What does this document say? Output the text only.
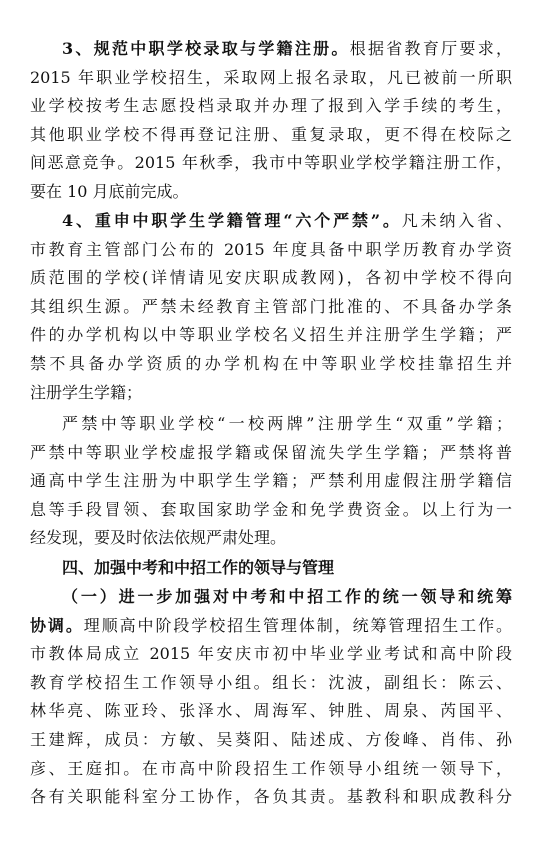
3、规范中职学校录取与学籍注册。根据省教育厅要求，
2015 年职业学校招生，采取网上报名录取，凡已被前一所职
业学校按考生志愿投档录取并办理了报到入学手续的考生，
其他职业学校不得再登记注册、重复录取，更不得在校际之
间恶意竞争。2015 年秋季，我市中等职业学校学籍注册工作，
要在 10 月底前完成。
4、重申中职学生学籍管理“六个严禁”。凡未纳入省、
市教育主管部门公布的 2015 年度具备中职学历教育办学资
质范围的学校(详情请见安庆职成教网)，各初中学校不得向
其组织生源。严禁未经教育主管部门批准的、不具备办学条
件的办学机构以中等职业学校名义招生并注册学生学籍；严
禁不具备办学资质的办学机构在中等职业学校挂靠招生并
注册学生学籍；
严禁中等职业学校“一校两牌”注册学生“双重”学籍；
严禁中等职业学校虚报学籍或保留流失学生学籍；严禁将普
通高中学生注册为中职学生学籍；严禁利用虚假注册学籍信
息等手段冒领、套取国家助学金和免学费资金。以上行为一
经发现，要及时依法依规严肃处理。
四、加强中考和中招工作的领导与管理
（一）进一步加强对中考和中招工作的统一领导和统筹
协调。理顺高中阶段学校招生管理体制，统筹管理招生工作。
市教体局成立 2015 年安庆市初中毕业学业考试和高中阶段
教育学校招生工作领导小组。组长：沈波，副组长：陈云、
林华亮、陈亚玲、张泽水、周海军、钟胜、周泉、芮国平、
王建辉，成员：方敏、吴葵阳、陆述成、方俊峰、肖伟、孙
彦、王庭扣。在市高中阶段招生工作领导小组统一领导下，
各有关职能科室分工协作，各负其责。基教科和职成教科分
